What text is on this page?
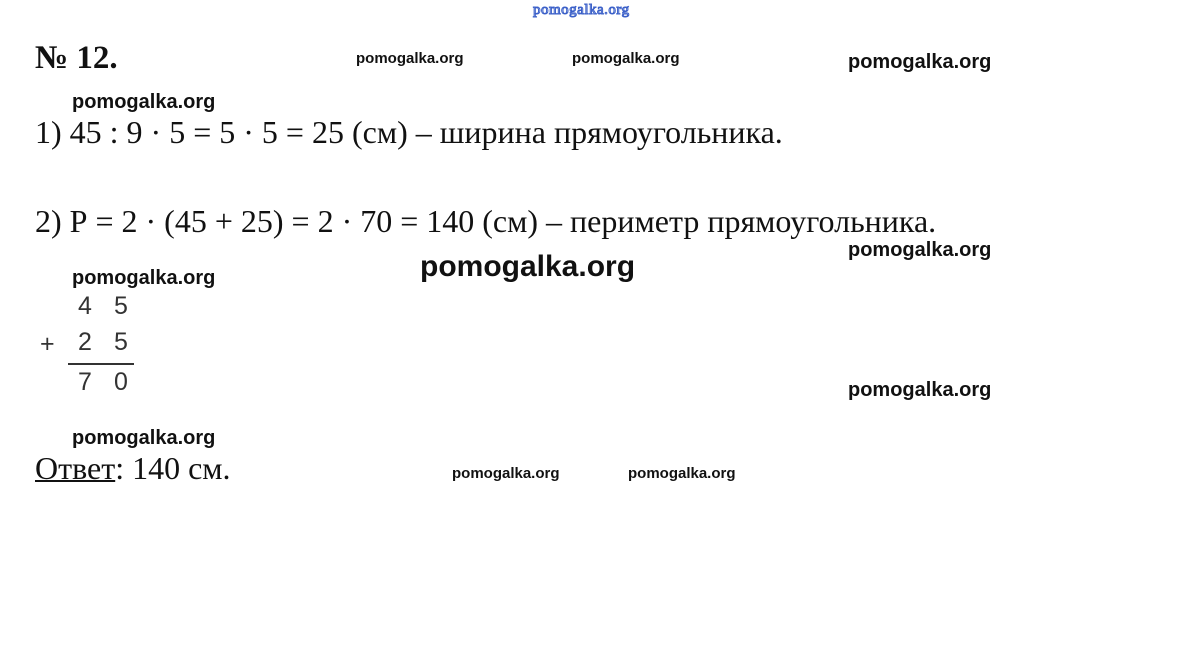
pomogalka.org
pomogalka.org	pomogalka.org	pomogalka.org
pomogalka.org
pomogalka.org
pomogalka.org
pomogalka.org
pomogalka.org
pomogalka.org
pomogalka.org	pomogalka.org
№ 12.
1) 45 : 9 · 5 = 5 · 5 = 25 (см) – ширина прямоугольника.
2) Р = 2 · (45 + 25) = 2 · 70 = 140 (см) – периметр прямоугольника.
4 5
+ 2 5
7 0
Ответ: 140 см.
